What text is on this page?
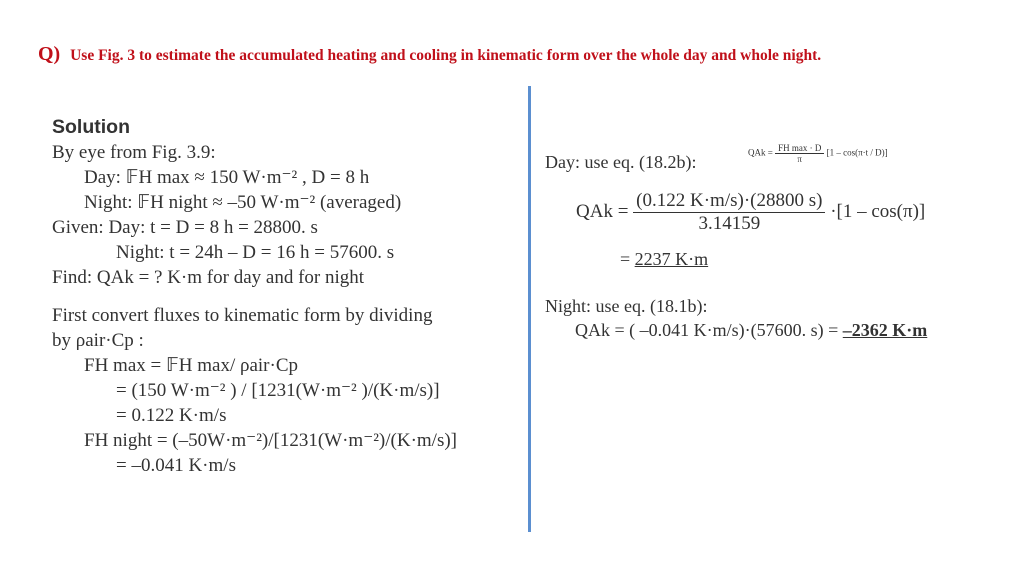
Q) Use Fig. 3 to estimate the accumulated heating and cooling in kinematic form over the whole day and whole night.
Solution
By eye from Fig. 3.9:
Day: 𝔽H max ≈ 150 W·m⁻² , D = 8 h
Night: 𝔽H night ≈ –50 W·m⁻² (averaged)
Given: Day: t = D = 8 h = 28800. s
Night: t = 24h – D = 16 h = 57600. s
Find: QAk = ? K·m for day and for night
First convert fluxes to kinematic form by dividing
by ρair·Cp :
FH max = 𝔽H max/ ρair·Cp
= (150 W·m⁻² ) / [1231(W·m⁻² )/(K·m/s)]
= 0.122 K·m/s
FH night = (–50W·m⁻²)/[1231(W·m⁻²)/(K·m/s)]
= –0.041 K·m/s
Day: use eq. (18.2b):	QAk = $\frac{\text{FH max · D}}{\pi} [1 - \cos(\pi\cdot t / D)]$
QAk = $\frac{(0.122 K\cdot m/s)\cdot(28800 s)}{3.14159} \cdot[1 - \cos(\pi)]$
= 2237 K·m
Night: use eq. (18.1b):
QAk = ( –0.041 K·m/s)·(57600. s) = –2362 K·m
